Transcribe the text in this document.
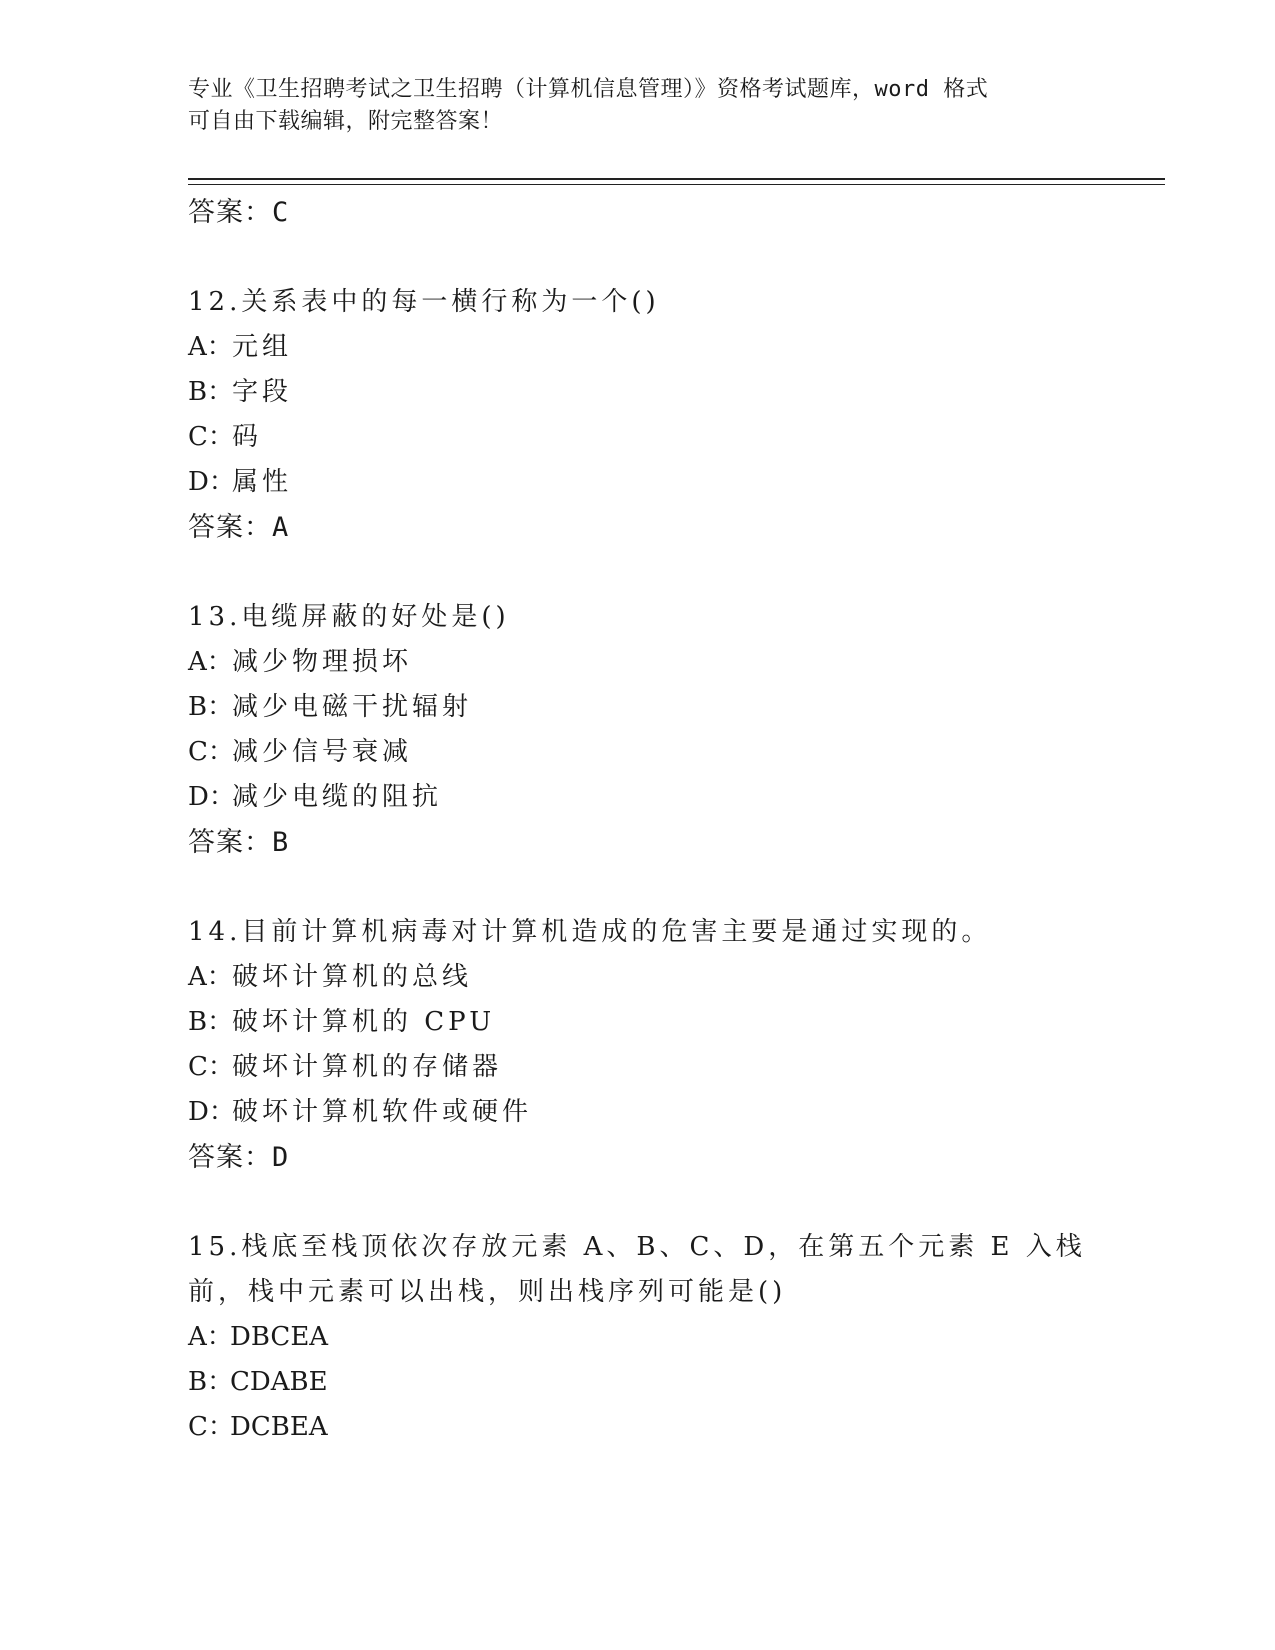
专业《卫生招聘考试之卫生招聘（计算机信息管理）》资格考试题库，word 格式
可自由下载编辑，附完整答案！
答案：C
12.关系表中的每一横行称为一个()
A：元组
B：字段
C：码
D：属性
答案：A
13.电缆屏蔽的好处是()
A：减少物理损坏
B：减少电磁干扰辐射
C：减少信号衰减
D：减少电缆的阻抗
答案：B
14.目前计算机病毒对计算机造成的危害主要是通过实现的。
A：破坏计算机的总线
B：破坏计算机的 CPU
C：破坏计算机的存储器
D：破坏计算机软件或硬件
答案：D
15.栈底至栈顶依次存放元素 A、B、C、D，在第五个元素 E 入栈前，栈中元素可以出栈，则出栈序列可能是()
A：DBCEA
B：CDABE
C：DCBEA
